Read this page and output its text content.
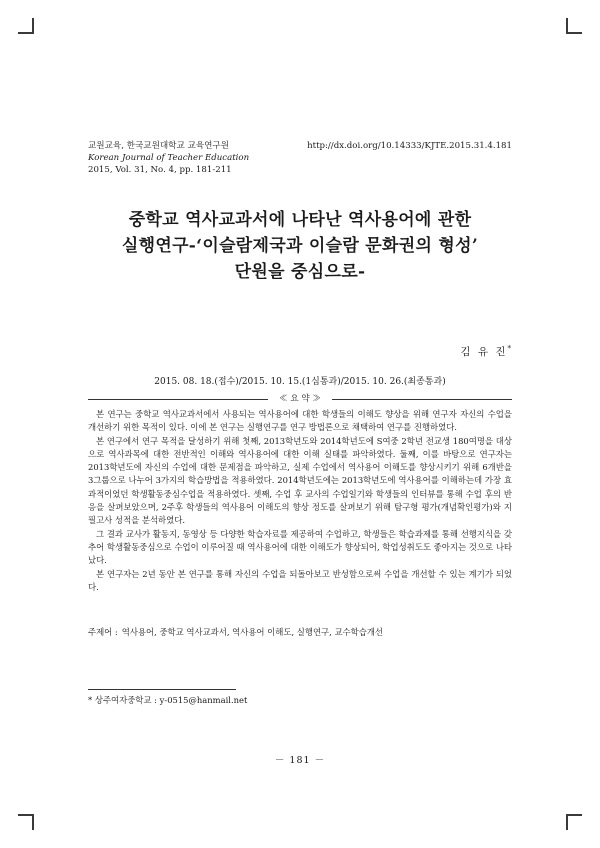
교원교육, 한국교원대학교 교육연구원
Korean Journal of Teacher Education
2015, Vol. 31, No. 4, pp. 181-211
http://dx.doi.org/10.14333/KJTE.2015.31.4.181
중학교 역사교과서에 나타난 역사용어에 관한
실행연구-‘이슬람제국과 이슬람 문화권의 형성’
단원을 중심으로-
김 유 진*
2015. 08. 18.(접수)/2015. 10. 15.(1심통과)/2015. 10. 26.(최종통과)
≪ 요 약 ≫

본 연구는 중학교 역사교과서에서 사용되는 역사용어에 대한 학생들의 이해도 향상을 위해 연구자 자신의 수업을 개선하기 위한 목적이 있다. 이에 본 연구는 실행연구를 연구 방법론으로 채택하여 연구를 진행하였다.

본 연구에서 연구 목적을 달성하기 위해 첫째, 2013학년도와 2014학년도에 S여중 2학년 전교생 180여명을 대상으로 역사과목에 대한 전반적인 이해와 역사용어에 대한 이해 실태를 파악하였다. 둘째, 이를 바탕으로 연구자는 2013학년도에 자신의 수업에 대한 문제점을 파악하고, 실제 수업에서 역사용어 이해도를 향상시키기 위해 6개반을 3그룹으로 나누어 3가지의 학습방법을 적용하였다. 2014학년도에는 2013학년도에 역사용어를 이해하는데 가장 효과적이었던 학생활동중심수업을 적용하였다. 셋째, 수업 후 교사의 수업일기와 학생들의 인터뷰를 통해 수업 후의 반응을 살펴보았으며, 2주후 학생들의 역사용어 이해도의 향상 정도를 살펴보기 위해 탐구형 평가(개념확인평가)와 지필고사 성적을 분석하였다.

그 결과 교사가 활동지, 동영상 등 다양한 학습자료를 제공하여 수업하고, 학생들은 학습과제를 통해 선행지식을 갖추어 학생활동중심으로 수업이 이루어질 때 역사용어에 대한 이해도가 향상되어, 학업성취도도 좋아지는 것으로 나타났다.

본 연구자는 2년 동안 본 연구를 통해 자신의 수업을 되돌아보고 반성함으로써 수업을 개선할 수 있는 계기가 되었다.

주제어 : 역사용어, 중학교 역사교과서, 역사용어 이해도, 실행연구, 교수학습개선
* 상주여자중학교 : y-0515@hanmail.net
－ 181 －
